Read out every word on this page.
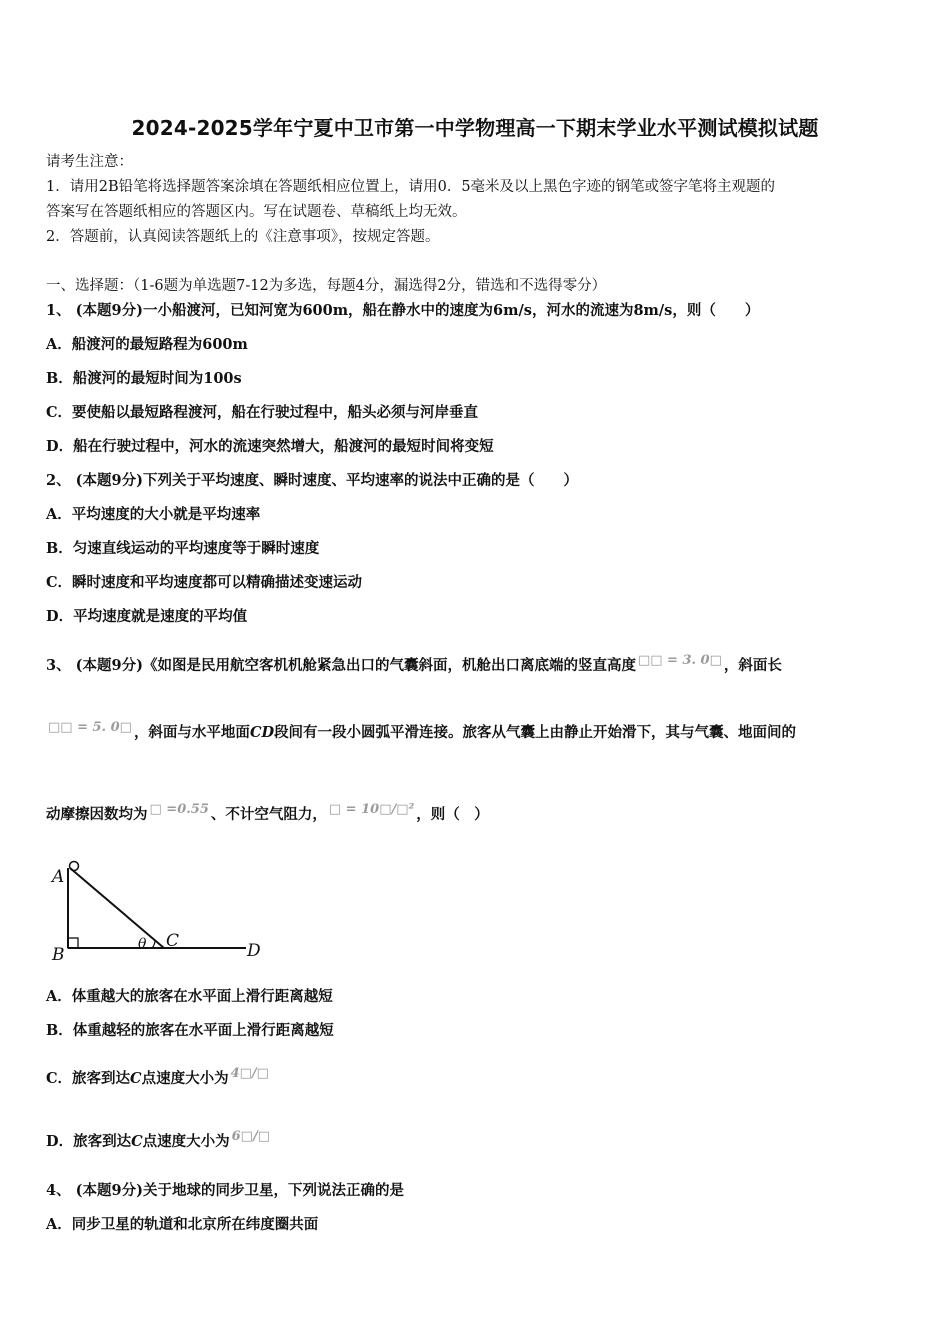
2024-2025学年宁夏中卫市第一中学物理高一下期末学业水平测试模拟试题
请考生注意：
1．请用2B铅笔将选择题答案涂填在答题纸相应位置上，请用0．5毫米及以上黑色字迹的钢笔或签字笔将主观题的
答案写在答题纸相应的答题区内。写在试题卷、草稿纸上均无效。
2．答题前，认真阅读答题纸上的《注意事项》，按规定答题。
一、选择题：（1-6题为单选题7-12为多选，每题4分，漏选得2分，错选和不选得零分）
1、 (本题9分)一小船渡河，已知河宽为600m，船在静水中的速度为6m/s，河水的流速为8m/s，则（　　）
A．船渡河的最短路程为600m
B．船渡河的最短时间为100s
C．要使船以最短路程渡河，船在行驶过程中，船头必须与河岸垂直
D．船在行驶过程中，河水的流速突然增大，船渡河的最短时间将变短
2、 (本题9分)下列关于平均速度、瞬时速度、平均速率的说法中正确的是（　　）
A．平均速度的大小就是平均速率
B．匀速直线运动的平均速度等于瞬时速度
C．瞬时速度和平均速度都可以精确描述变速运动
D．平均速度就是速度的平均值
3、 (本题9分)《如图是民用航空客机机舱紧急出口的气囊斜面，机舱出口离底端的竖直高度 □□ = 3. 0□ ，斜面长
□□ = 5. 0□ ，斜面与水平地面CD段间有一段小圆弧平滑连接。旅客从气囊上由静止开始滑下，其与气囊、地面间的
动摩擦因数均为 □ =0.55 、不计空气阻力， □ = 10□/□² ，则（　）
A
B
θ C	D
A．体重越大的旅客在水平面上滑行距离越短
B．体重越轻的旅客在水平面上滑行距离越短
C．旅客到达C点速度大小为 4□/□
D．旅客到达C点速度大小为 6□/□
4、 (本题9分)关于地球的同步卫星，下列说法正确的是
A．同步卫星的轨道和北京所在纬度圈共面
